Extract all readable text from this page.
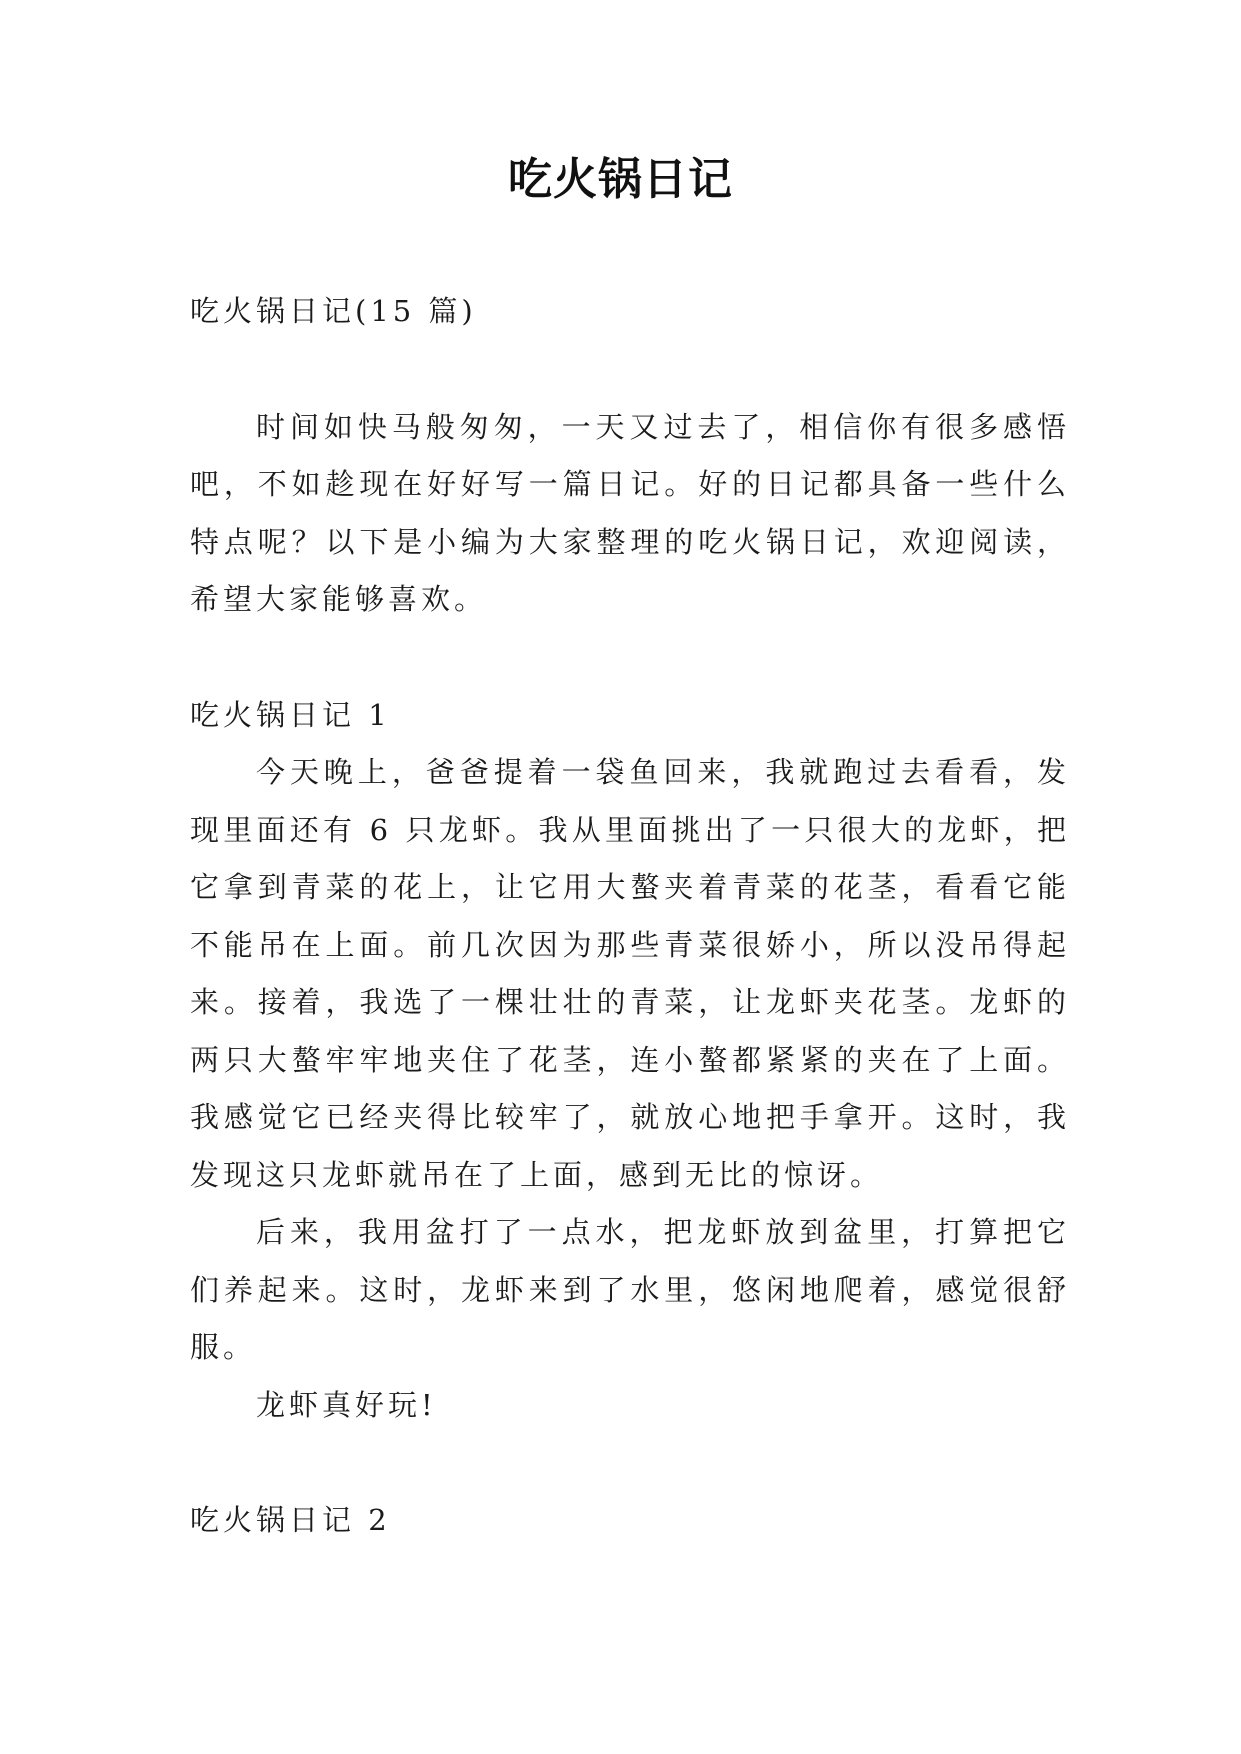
吃火锅日记

吃火锅日记(15 篇)

时间如快马般匆匆，一天又过去了，相信你有很多感悟吧，不如趁现在好好写一篇日记。好的日记都具备一些什么特点呢？以下是小编为大家整理的吃火锅日记，欢迎阅读，希望大家能够喜欢。

吃火锅日记 1

今天晚上，爸爸提着一袋鱼回来，我就跑过去看看，发现里面还有 6 只龙虾。我从里面挑出了一只很大的龙虾，把它拿到青菜的花上，让它用大螯夹着青菜的花茎，看看它能不能吊在上面。前几次因为那些青菜很娇小，所以没吊得起来。接着，我选了一棵壮壮的青菜，让龙虾夹花茎。龙虾的两只大螯牢牢地夹住了花茎，连小螯都紧紧的夹在了上面。我感觉它已经夹得比较牢了，就放心地把手拿开。这时，我发现这只龙虾就吊在了上面，感到无比的惊讶。

后来，我用盆打了一点水，把龙虾放到盆里，打算把它们养起来。这时，龙虾来到了水里，悠闲地爬着，感觉很舒服。

龙虾真好玩!

吃火锅日记 2
